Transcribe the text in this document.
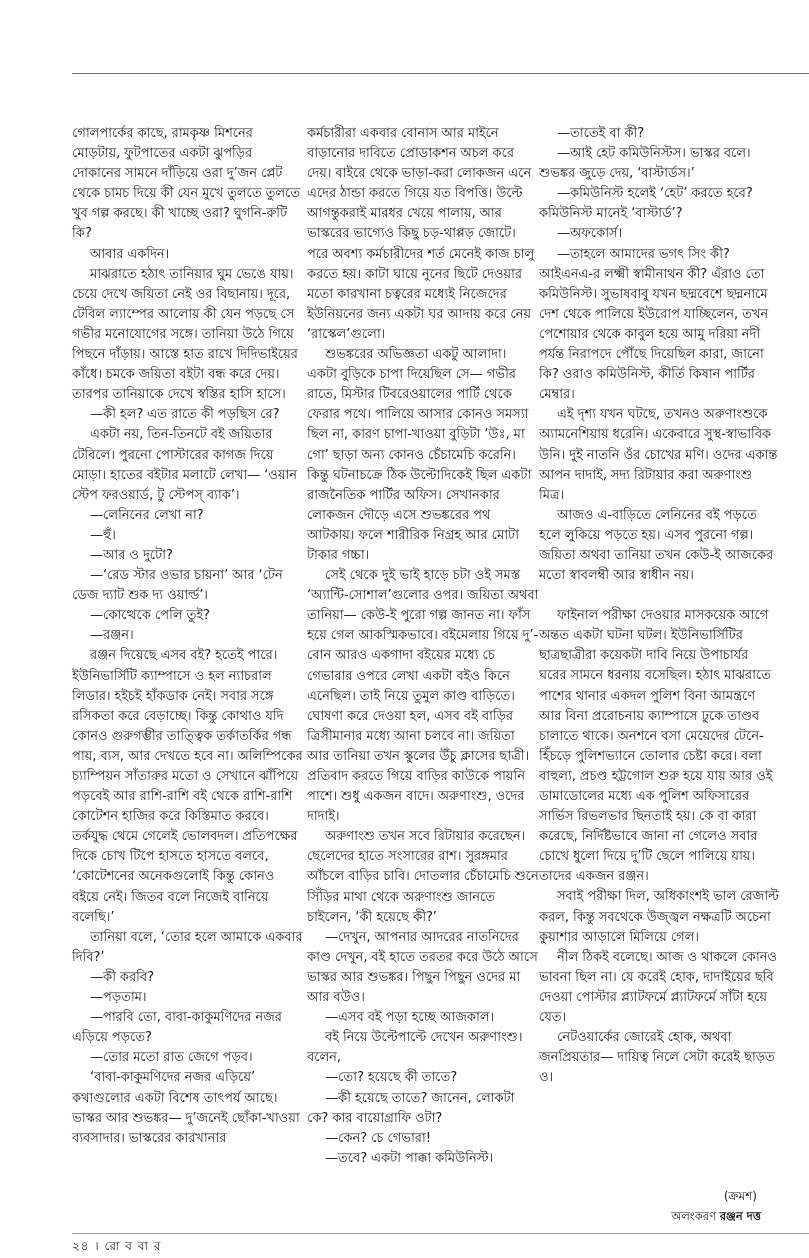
গোলপার্কের কাছে, রামকৃষ্ণ মিশনের মোড়টায়, ফুটপাতের একটা ঝুপড়ির দোকানের সামনে দাঁড়িয়ে ওরা দু’জন প্লেট থেকে চামচ দিয়ে কী যেন মুখে তুলতে তুলতে খুব গল্প করছে। কী খাচ্ছে ওরা? ঘুগনি-রুটি কি?

আবার একদিন।

মাঝরাতে হঠাৎ তানিয়ার ঘুম ভেঙে যায়। চেয়ে দেখে জয়িতা নেই ওর বিছানায়। দূরে, টেবিল ল্যাম্পের আলোয় কী যেন পড়ছে সে গভীর মনোযোগের সঙ্গে। তানিয়া উঠে গিয়ে পিছনে দাঁড়ায়। আস্তে হাত রাখে দিদিভাইয়ের কাঁধে। চমকে জয়িতা বইটা বন্ধ করে দেয়। তারপর তানিয়াকে দেখে স্বস্তির হাসি হাসে।

—কী হল? এত রাতে কী পড়ছিস রে?

একটা নয়, তিন-তিনটে বই জয়িতার টেবিলে। পুরনো পোস্টারের কাগজ দিয়ে মোড়া। হাতের বইটার মলাটে লেখা— ‘ওয়ান স্টেপ ফরওয়ার্ড, টু স্টেপস্ ব্যাক’।

—লেনিনের লেখা না?

—হুঁ।

—আর ও দুটো?

—‘রেড স্টার ওভার চায়না’ আর ‘টেন ডেজ দ্যাট শুক দ্য ওয়ার্ল্ড’।

—কোত্থেকে পেলি তুই?

—রঞ্জন।

রঞ্জন দিয়েছে এসব বই? হতেই পারে। ইউনিভার্সিটি ক্যাম্পাসে ও হল ন্যাচরাল লিডার। হইচই হাঁকডাক নেই। সবার সঙ্গে রসিকতা করে বেড়াচ্ছে। কিন্তু কোথাও যদি কোনও গুরুগম্ভীর তাত্ত্বিক তর্কাতর্কির গন্ধ পায়, ব্যস, আর দেখতে হবে না। অলিম্পিকের চ্যাম্পিয়ন সাঁতারুর মতো ও সেখানে ঝাঁপিয়ে পড়বেই আর রাশি-রাশি বই থেকে রাশি-রাশি কোটেশন হাজির করে কিস্তিমাত করবে। তর্কযুদ্ধ থেমে গেলেই ভোলবদল। প্রতিপক্ষের দিকে চোখ টিপে হাসতে হাসতে বলবে, ‘কোটেশনের অনেকগুলোই কিন্তু কোনও বইয়ে নেই। জিতব বলে নিজেই বানিয়ে বলেছি।’

তানিয়া বলে, ‘তোর হলে আমাকে একবার দিবি?’

—কী করবি?

—পড়তাম।

—পারবি তো, বাবা-কাকুমণিদের নজর এড়িয়ে পড়তে?

—তোর মতো রাত জেগে পড়ব।

‘বাবা-কাকুমণিদের নজর এড়িয়ে’ কথাগুলোর একটা বিশেষ তাৎপর্য আছে। ভাস্কর আর শুভঙ্কর— দু’জনেই ছোঁকা-খাওয়া ব্যবসাদার। ভাস্করের কারখানার

কর্মচারীরা একবার বোনাস আর মাইনে বাড়ানোর দাবিতে প্রোডাকশন অচল করে দেয়। বাইরে থেকে ভাড়া-করা লোকজন এনে এদের ঠান্ডা করতে গিয়ে যত বিপত্তি। উল্টে আগন্তুকরাই মারধর খেয়ে পালায়, আর ভাস্করের ভাগ্যেও কিছু চড়-থাপ্পড় জোটে। পরে অবশ্য কর্মচারীদের শর্ত মেনেই কাজ চালু করতে হয়। কাটা ঘায়ে নুনের ছিটে দেওয়ার মতো কারখানা চত্বরের মধ্যেই নিজেদের ইউনিয়নের জন্য একটা ঘর আদায় করে নেয় ‘রাস্কেল’গুলো।

শুভঙ্করের অভিজ্ঞতা একটু আলাদা। একটা বুড়িকে চাপা দিয়েছিল সে— গভীর রাতে, মিস্টার টিবরেওয়ালের পার্টি থেকে ফেরার পথে। পালিয়ে আসার কোনও সমস্যা ছিল না, কারণ চাপা-খাওয়া বুড়িটা ‘উঃ, মা গো’ ছাড়া অন্য কোনও চেঁচামেচি করেনি। কিন্তু ঘটনাচক্রে ঠিক উল্টোদিকেই ছিল একটা রাজনৈতিক পার্টির অফিস। সেখানকার লোকজন দৌড়ে এসে শুভঙ্করের পথ আটকায়। ফলে শারীরিক নিগ্রহ আর মোটা টাকার গচ্চা।

সেই থেকে দুই ভাই হাড়ে চটা ওই সমস্ত ‘অ্যান্টি-সোশাল’গুলোর ওপর। জয়িতা অথবা তানিয়া— কেউ-ই পুরো গল্প জানত না। ফাঁস হয়ে গেল আকস্মিকভাবে। বইমেলায় গিয়ে দু’-বোন আরও একগাদা বইয়ের মধ্যে চে গেভারার ওপরে লেখা একটা বইও কিনে এনেছিল। তাই নিয়ে তুমুল কাণ্ড বাড়িতে। ঘোষণা করে দেওয়া হল, এসব বই বাড়ির ত্রিসীমানার মধ্যে আনা চলবে না। জয়িতা আর তানিয়া তখন স্কুলের উঁচু ক্লাসের ছাত্রী। প্রতিবাদ করতে গিয়ে বাড়ির কাউকে পায়নি পাশে। শুধু একজন বাদে। অরুণাংশু, ওদের দাদাই।

অরুণাংশু তখন সবে রিটায়ার করেছেন। ছেলেদের হাতে সংসারের রাশ। সুরঙ্গমার আঁচলে বাড়ির চাবি। দোতলার চেঁচামেচি শুনে সিঁড়ির মাথা থেকে অরুণাংশু জানতে চাইলেন, ‘কী হয়েছে কী?’

—দেখুন, আপনার আদরের নাতনিদের কাণ্ড দেখুন, বই হাতে তরতর করে উঠে আসে ভাস্কর আর শুভঙ্কর। পিছুন পিছুন ওদের মা আর বউও।

—এসব বই পড়া হচ্ছে আজকাল।

বই নিয়ে উল্টেপাল্টে দেখেন অরুণাংশু। বলেন,

—তো? হয়েছে কী তাতে?

—কী হয়েছে তাতে? জানেন, লোকটা কে? কার বায়োগ্রাফি ওটা?

—কেন? চে গেভারা!

—তবে? একটা পাক্কা কমিউনিস্ট।

—তাতেই বা কী?

—আই হেট কমিউনিস্টস। ভাস্কর বলে। শুভঙ্কর জুড়ে দেয়, ‘বাস্টার্ডস।’

—কমিউনিস্ট হলেই ‘হেট’ করতে হবে? কমিউনিস্ট মানেই ‘বাস্টার্ড’?

—অফকোর্স।

—তাহলে আমাদের ভগৎ সিং কী? আইএনএ-র লক্ষ্মী স্বামীনাথন কী? এঁরাও তো কমিউনিস্ট। সুভাষবাবু যখন ছদ্মবেশে ছদ্মনামে দেশ থেকে পালিয়ে ইউরোপ যাচ্ছিলেন, তখন পেশোয়ার থেকে কাবুল হয়ে আমু দরিয়া নদী পর্যন্ত নিরাপদে পৌঁছে দিয়েছিল কারা, জানো কি? ওরাও কমিউনিস্ট, কীর্তি কিষান পার্টির মেম্বার।

এই দৃশ্য যখন ঘটছে, তখনও অরুণাংশুকে অ্যামনেশিয়ায় ধরেনি। একেবারে সুস্থ-স্বাভাবিক উনি। দুই নাতনি ওঁর চোখের মণি। ওদের একান্ত আপন দাদাই, সদ্য রিটায়ার করা অরুণাংশু মিত্র।

আজও এ-বাড়িতে লেনিনের বই পড়তে হলে লুকিয়ে পড়তে হয়। এসব পুরনো গল্প। জয়িতা অথবা তানিয়া তখন কেউ-ই আজকের মতো স্বাবলম্বী আর স্বাধীন নয়।

ফাইনাল পরীক্ষা দেওয়ার মাসকয়েক আগে অন্তত একটা ঘটনা ঘটল। ইউনিভার্সিটির ছাত্রছাত্রীরা কয়েকটা দাবি নিয়ে উপাচার্যর ঘরের সামনে ধরনায় বসেছিল। হঠাৎ মাঝরাতে পাশের থানার একদল পুলিশ বিনা আমন্ত্রণে আর বিনা প্ররোচনায় ক্যাম্পাসে ঢুকে তাণ্ডব চালাতে থাকে। অনশনে বসা মেয়েদের টেনে-হিঁচড়ে পুলিশভ্যানে তোলার চেষ্টা করে। বলা বাহুল্য, প্রচণ্ড হট্টগোল শুরু হয়ে যায় আর ওই ডামাডোলের মধ্যে এক পুলিশ অফিসারের সার্ভিস রিভলভার ছিনতাই হয়। কে বা কারা করেছে, নির্দিষ্টভাবে জানা না গেলেও সবার চোখে ধুলো দিয়ে দু’টি ছেলে পালিয়ে যায়। তাদের একজন রঞ্জন।

সবাই পরীক্ষা দিল, অধিকাংশই ভাল রেজাল্ট করল, কিন্তু সবথেকে উজ্জ্বল নক্ষত্রটি অচেনা কুয়াশার আড়ালে মিলিয়ে গেল।

নীল ঠিকই বলেছে। আজ ও থাকলে কোনও ভাবনা ছিল না। যে করেই হোক, দাদাইয়ের ছবি দেওয়া পোস্টার প্ল্যাটফর্মে প্ল্যাটফর্মে সাঁটা হয়ে যেত।

নেটওয়ার্কের জোরেই হোক, অথবা জনপ্রিয়তার— দায়িত্ব নিলে সেটা করেই ছাড়ত ও।

(ক্রমশ)
অলংকরণ রঞ্জন দত্ত
২৪ । রো ব বা র
